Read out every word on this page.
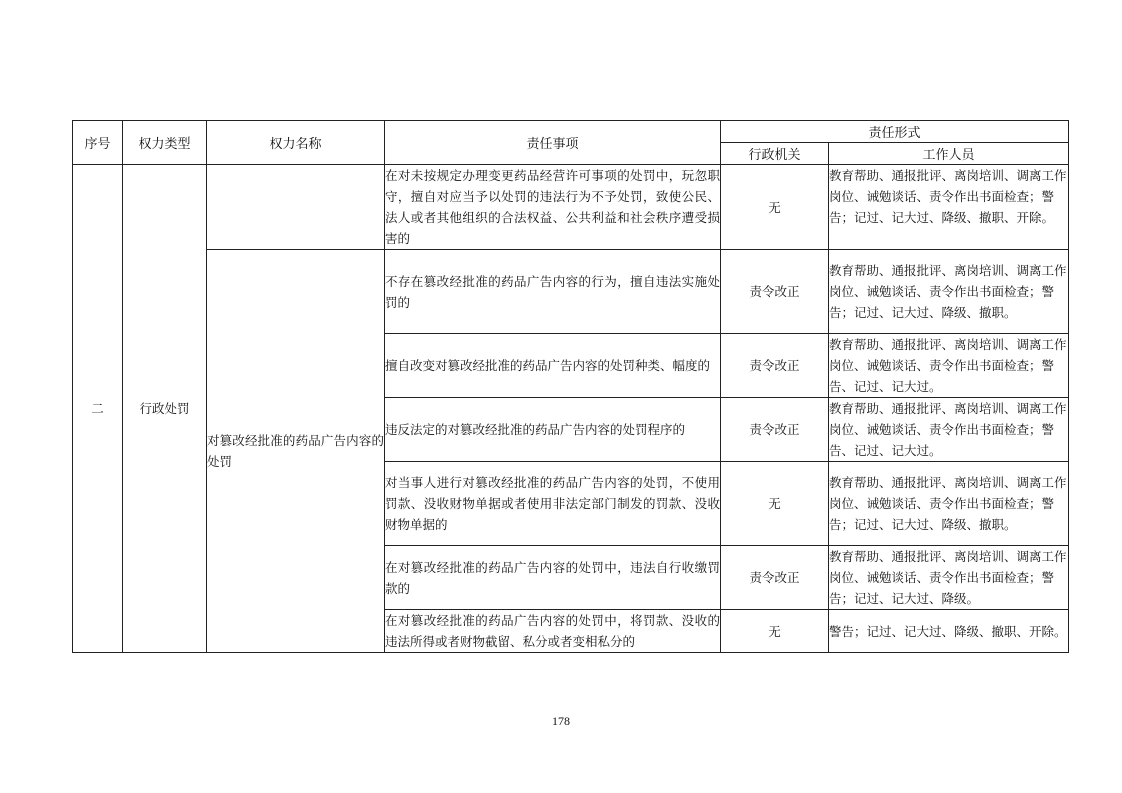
序号	权力类型	权力名称	责任事项	责任形式	
				行政机关	工作人员
二	行政处罚		在对未按规定办理变更药品经营许可事项的处罚中，玩忽职守，擅自对应当予以处罚的违法行为不予处罚，致使公民、法人或者其他组织的合法权益、公共利益和社会秩序遭受损害的	无	教育帮助、通报批评、离岗培训、调离工作岗位、诫勉谈话、责令作出书面检查；警告；记过、记大过、降级、撤职、开除。
		对篡改经批准的药品广告内容的处罚	不存在篡改经批准的药品广告内容的行为，擅自违法实施处罚的	责令改正	教育帮助、通报批评、离岗培训、调离工作岗位、诫勉谈话、责令作出书面检查；警告；记过、记大过、降级、撤职。
			擅自改变对篡改经批准的药品广告内容的处罚种类、幅度的	责令改正	教育帮助、通报批评、离岗培训、调离工作岗位、诫勉谈话、责令作出书面检查；警告、记过、记大过。
			违反法定的对篡改经批准的药品广告内容的处罚程序的	责令改正	教育帮助、通报批评、离岗培训、调离工作岗位、诫勉谈话、责令作出书面检查；警告、记过、记大过。
			对当事人进行对篡改经批准的药品广告内容的处罚，不使用罚款、没收财物单据或者使用非法定部门制发的罚款、没收财物单据的	无	教育帮助、通报批评、离岗培训、调离工作岗位、诫勉谈话、责令作出书面检查；警告；记过、记大过、降级、撤职。
			在对篡改经批准的药品广告内容的处罚中，违法自行收缴罚款的	责令改正	教育帮助、通报批评、离岗培训、调离工作岗位、诫勉谈话、责令作出书面检查；警告；记过、记大过、降级。
			在对篡改经批准的药品广告内容的处罚中，将罚款、没收的违法所得或者财物截留、私分或者变相私分的	无	警告；记过、记大过、降级、撤职、开除。
178
